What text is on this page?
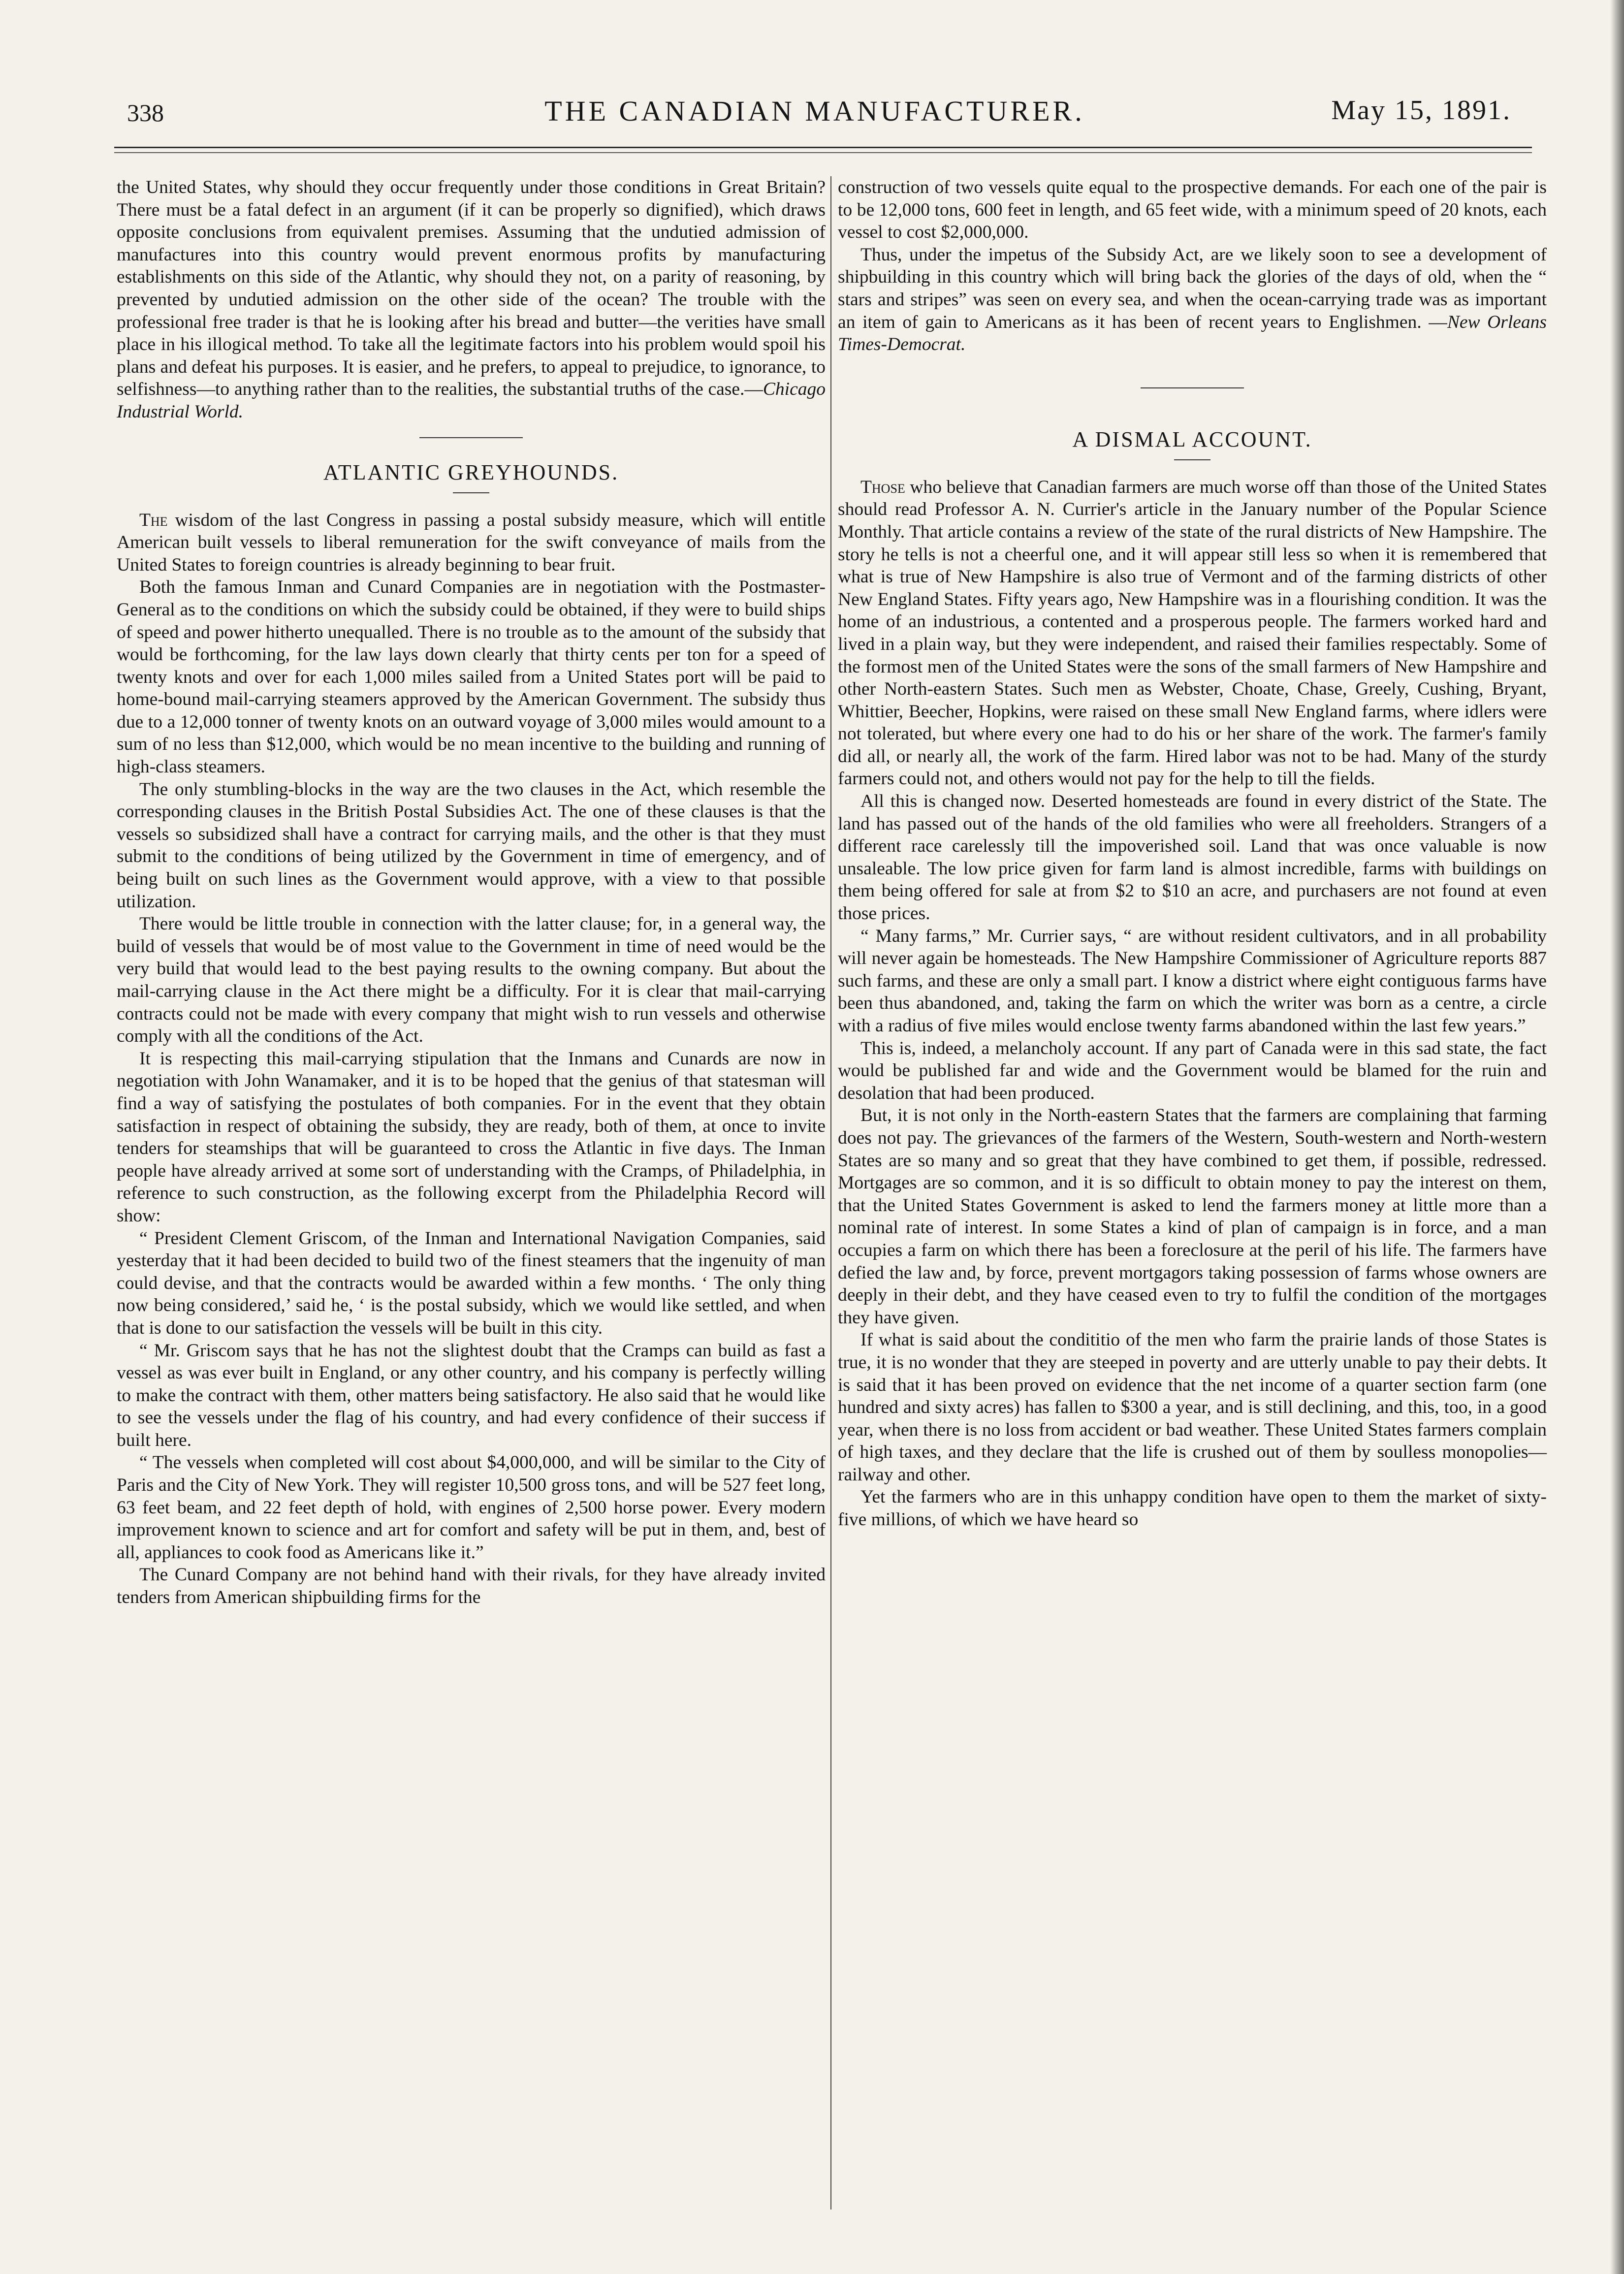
338	THE CANADIAN MANUFACTURER.	May 15, 1891.

the United States, why should they occur frequently under those conditions in Great Britain? There must be a fatal defect in an argument (if it can be properly so dignified), which draws opposite conclusions from equivalent premises. Assuming that the undutied admission of manufactures into this country would prevent enormous profits by manufacturing establishments on this side of the Atlantic, why should they not, on a parity of reasoning, by prevented by undutied admission on the other side of the ocean? The trouble with the professional free trader is that he is looking after his bread and butter—the verities have small place in his illogical method. To take all the legitimate factors into his problem would spoil his plans and defeat his purposes. It is easier, and he prefers, to appeal to prejudice, to ignorance, to selfishness—to anything rather than to the realities, the substantial truths of the case.—Chicago Industrial World.

ATLANTIC GREYHOUNDS.

The wisdom of the last Congress in passing a postal subsidy measure, which will entitle American built vessels to liberal remuneration for the swift conveyance of mails from the United States to foreign countries is already beginning to bear fruit.

Both the famous Inman and Cunard Companies are in negotiation with the Postmaster-General as to the conditions on which the subsidy could be obtained, if they were to build ships of speed and power hitherto unequalled. There is no trouble as to the amount of the subsidy that would be forthcoming, for the law lays down clearly that thirty cents per ton for a speed of twenty knots and over for each 1,000 miles sailed from a United States port will be paid to home-bound mail-carrying steamers approved by the American Government. The subsidy thus due to a 12,000 tonner of twenty knots on an outward voyage of 3,000 miles would amount to a sum of no less than $12,000, which would be no mean incentive to the building and running of high-class steamers.

The only stumbling-blocks in the way are the two clauses in the Act, which resemble the corresponding clauses in the British Postal Subsidies Act. The one of these clauses is that the vessels so subsidized shall have a contract for carrying mails, and the other is that they must submit to the conditions of being utilized by the Government in time of emergency, and of being built on such lines as the Government would approve, with a view to that possible utilization.

There would be little trouble in connection with the latter clause; for, in a general way, the build of vessels that would be of most value to the Government in time of need would be the very build that would lead to the best paying results to the owning company. But about the mail-carrying clause in the Act there might be a difficulty. For it is clear that mail-carrying contracts could not be made with every company that might wish to run vessels and otherwise comply with all the conditions of the Act.

It is respecting this mail-carrying stipulation that the Inmans and Cunards are now in negotiation with John Wanamaker, and it is to be hoped that the genius of that statesman will find a way of satisfying the postulates of both companies. For in the event that they obtain satisfaction in respect of obtaining the subsidy, they are ready, both of them, at once to invite tenders for steamships that will be guaranteed to cross the Atlantic in five days. The Inman people have already arrived at some sort of understanding with the Cramps, of Philadelphia, in reference to such construction, as the following excerpt from the Philadelphia Record will show:

“ President Clement Griscom, of the Inman and International Navigation Companies, said yesterday that it had been decided to build two of the finest steamers that the ingenuity of man could devise, and that the contracts would be awarded within a few months. ‘ The only thing now being considered,’ said he, ‘ is the postal subsidy, which we would like settled, and when that is done to our satisfaction the vessels will be built in this city.

“ Mr. Griscom says that he has not the slightest doubt that the Cramps can build as fast a vessel as was ever built in England, or any other country, and his company is perfectly willing to make the contract with them, other matters being satisfactory. He also said that he would like to see the vessels under the flag of his country, and had every confidence of their success if built here.

“ The vessels when completed will cost about $4,000,000, and will be similar to the City of Paris and the City of New York. They will register 10,500 gross tons, and will be 527 feet long, 63 feet beam, and 22 feet depth of hold, with engines of 2,500 horse power. Every modern improvement known to science and art for comfort and safety will be put in them, and, best of all, appliances to cook food as Americans like it.”

The Cunard Company are not behind hand with their rivals, for they have already invited tenders from American shipbuilding firms for the

construction of two vessels quite equal to the prospective demands. For each one of the pair is to be 12,000 tons, 600 feet in length, and 65 feet wide, with a minimum speed of 20 knots, each vessel to cost $2,000,000.

Thus, under the impetus of the Subsidy Act, are we likely soon to see a development of shipbuilding in this country which will bring back the glories of the days of old, when the “ stars and stripes” was seen on every sea, and when the ocean-carrying trade was as important an item of gain to Americans as it has been of recent years to Englishmen. —New Orleans Times-Democrat.

A DISMAL ACCOUNT.

Those who believe that Canadian farmers are much worse off than those of the United States should read Professor A. N. Currier's article in the January number of the Popular Science Monthly. That article contains a review of the state of the rural districts of New Hampshire. The story he tells is not a cheerful one, and it will appear still less so when it is remembered that what is true of New Hampshire is also true of Vermont and of the farming districts of other New England States. Fifty years ago, New Hampshire was in a flourishing condition. It was the home of an industrious, a contented and a prosperous people. The farmers worked hard and lived in a plain way, but they were independent, and raised their families respectably. Some of the formost men of the United States were the sons of the small farmers of New Hampshire and other North-eastern States. Such men as Webster, Choate, Chase, Greely, Cushing, Bryant, Whittier, Beecher, Hopkins, were raised on these small New England farms, where idlers were not tolerated, but where every one had to do his or her share of the work. The farmer's family did all, or nearly all, the work of the farm. Hired labor was not to be had. Many of the sturdy farmers could not, and others would not pay for the help to till the fields.

All this is changed now. Deserted homesteads are found in every district of the State. The land has passed out of the hands of the old families who were all freeholders. Strangers of a different race carelessly till the impoverished soil. Land that was once valuable is now unsaleable. The low price given for farm land is almost incredible, farms with buildings on them being offered for sale at from $2 to $10 an acre, and purchasers are not found at even those prices.

“ Many farms,” Mr. Currier says, “ are without resident cultivators, and in all probability will never again be homesteads. The New Hampshire Commissioner of Agriculture reports 887 such farms, and these are only a small part. I know a district where eight contiguous farms have been thus abandoned, and, taking the farm on which the writer was born as a centre, a circle with a radius of five miles would enclose twenty farms abandoned within the last few years.”

This is, indeed, a melancholy account. If any part of Canada were in this sad state, the fact would be published far and wide and the Government would be blamed for the ruin and desolation that had been produced.

But, it is not only in the North-eastern States that the farmers are complaining that farming does not pay. The grievances of the farmers of the Western, South-western and North-western States are so many and so great that they have combined to get them, if possible, redressed. Mortgages are so common, and it is so difficult to obtain money to pay the interest on them, that the United States Government is asked to lend the farmers money at little more than a nominal rate of interest. In some States a kind of plan of campaign is in force, and a man occupies a farm on which there has been a foreclosure at the peril of his life. The farmers have defied the law and, by force, prevent mortgagors taking possession of farms whose owners are deeply in their debt, and they have ceased even to try to fulfil the condition of the mortgages they have given.

If what is said about the condititio of the men who farm the prairie lands of those States is true, it is no wonder that they are steeped in poverty and are utterly unable to pay their debts. It is said that it has been proved on evidence that the net income of a quarter section farm (one hundred and sixty acres) has fallen to $300 a year, and is still declining, and this, too, in a good year, when there is no loss from accident or bad weather. These United States farmers complain of high taxes, and they declare that the life is crushed out of them by soulless monopolies—railway and other.

Yet the farmers who are in this unhappy condition have open to them the market of sixty-five millions, of which we have heard so
